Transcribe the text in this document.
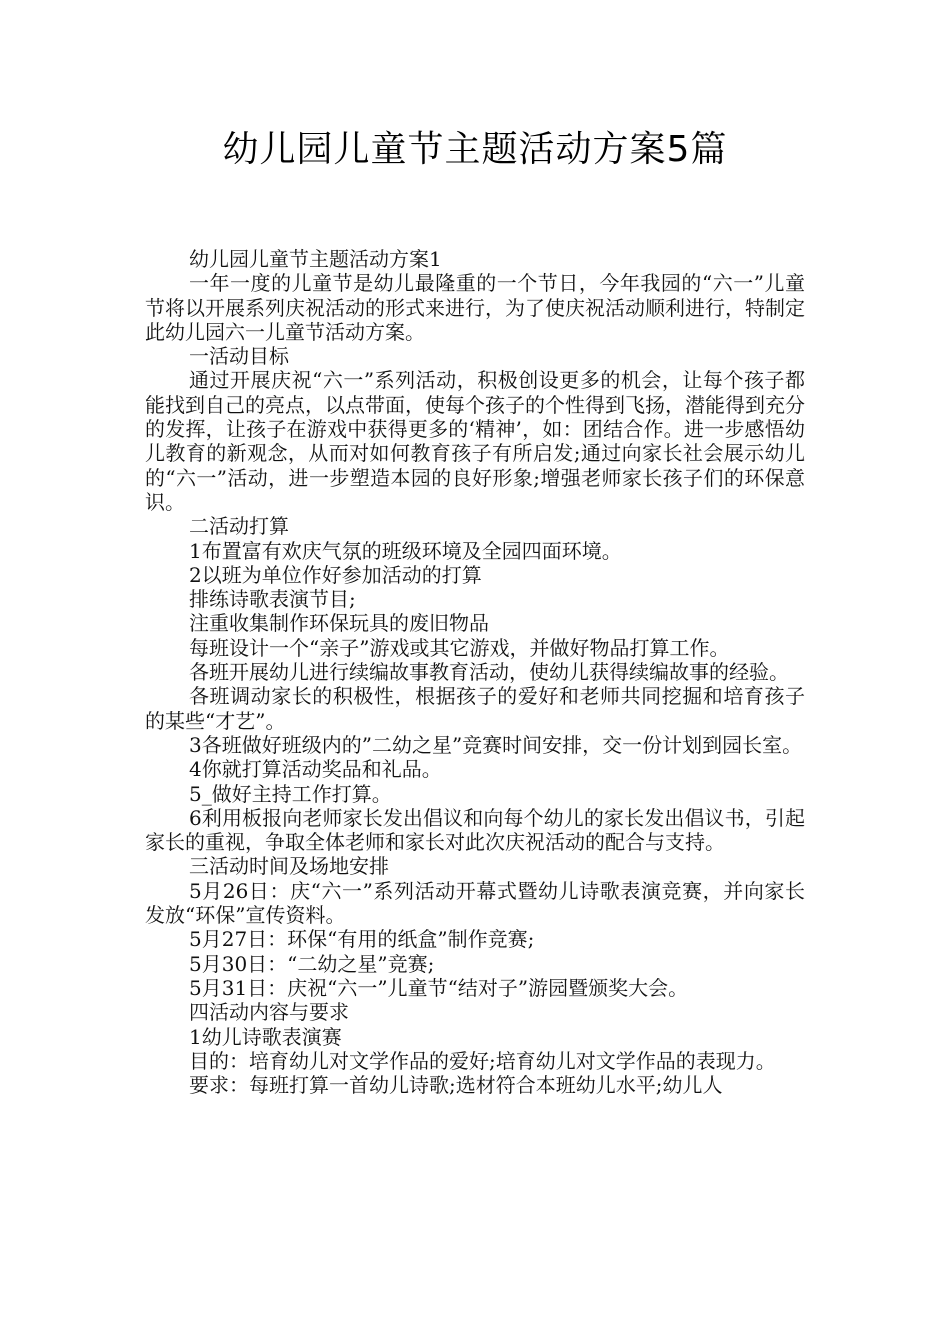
幼儿园儿童节主题活动方案5篇

幼儿园儿童节主题活动方案1

一年一度的儿童节是幼儿最隆重的一个节日，今年我园的“六一”儿童节将以开展系列庆祝活动的形式来进行，为了使庆祝活动顺利进行，特制定此幼儿园六一儿童节活动方案。

一活动目标

通过开展庆祝“六一”系列活动，积极创设更多的机会，让每个孩子都能找到自己的亮点，以点带面，使每个孩子的个性得到飞扬，潜能得到充分的发挥，让孩子在游戏中获得更多的‘精神’，如：团结合作。进一步感悟幼儿教育的新观念，从而对如何教育孩子有所启发;通过向家长社会展示幼儿的“六一”活动，进一步塑造本园的良好形象;增强老师家长孩子们的环保意识。

二活动打算

1布置富有欢庆气氛的班级环境及全园四面环境。

2以班为单位作好参加活动的打算

排练诗歌表演节目;

注重收集制作环保玩具的废旧物品

每班设计一个“亲子”游戏或其它游戏，并做好物品打算工作。

各班开展幼儿进行续编故事教育活动，使幼儿获得续编故事的经验。

各班调动家长的积极性，根据孩子的爱好和老师共同挖掘和培育孩子的某些“才艺”。

3各班做好班级内的”二幼之星”竞赛时间安排，交一份计划到园长室。

4你就打算活动奖品和礼品。

5_做好主持工作打算。

6利用板报向老师家长发出倡议和向每个幼儿的家长发出倡议书，引起家长的重视，争取全体老师和家长对此次庆祝活动的配合与支持。

三活动时间及场地安排

5月26日：庆“六一”系列活动开幕式暨幼儿诗歌表演竞赛，并向家长发放“环保”宣传资料。

5月27日：环保“有用的纸盒”制作竞赛;

5月30日：“二幼之星”竞赛;

5月31日：庆祝“六一”儿童节“结对子”游园暨颁奖大会。

四活动内容与要求

1幼儿诗歌表演赛

目的：培育幼儿对文学作品的爱好;培育幼儿对文学作品的表现力。

要求：每班打算一首幼儿诗歌;选材符合本班幼儿水平;幼儿人
